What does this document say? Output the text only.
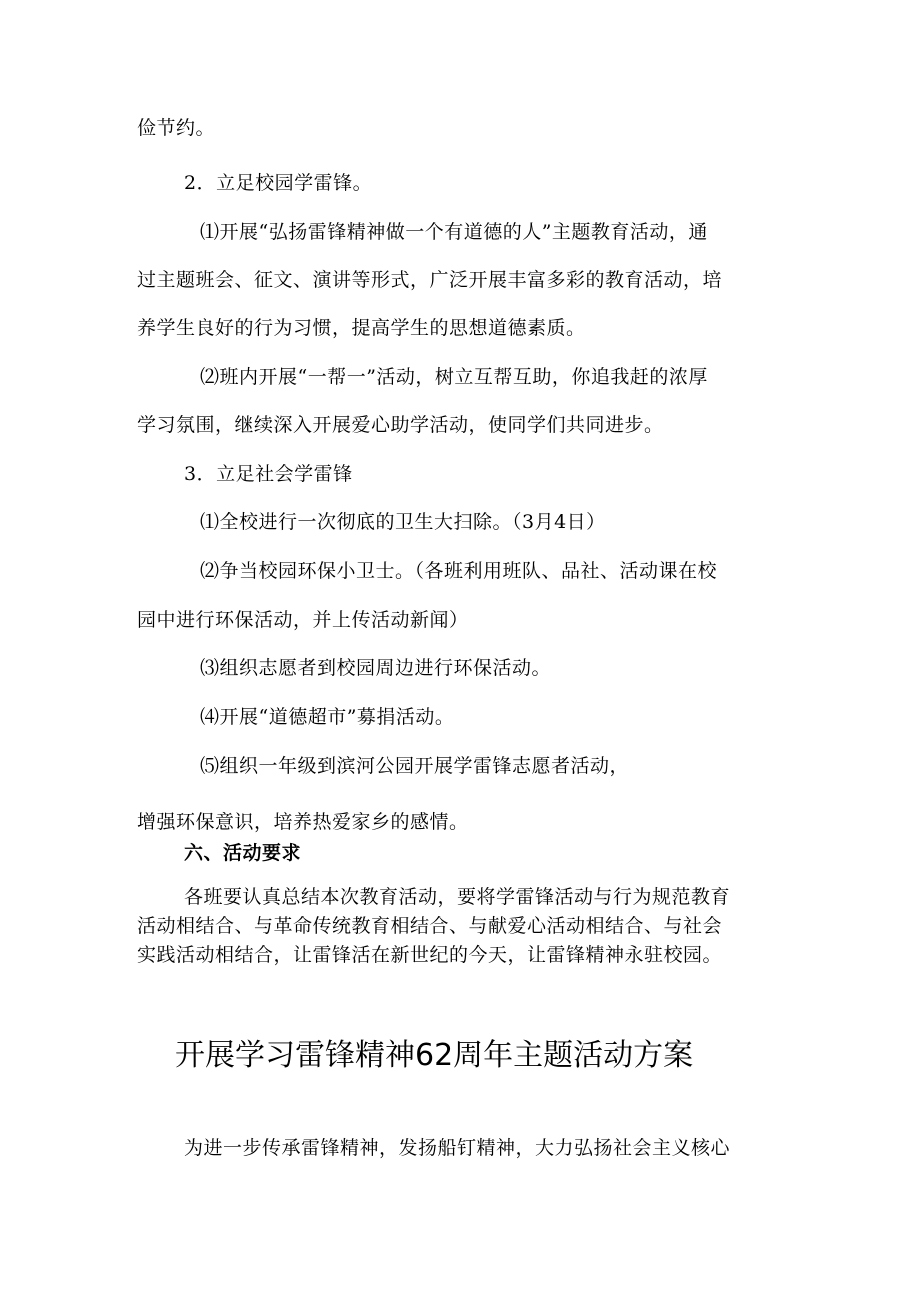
俭节约。
2．立足校园学雷锋。
⑴开展“弘扬雷锋精神做一个有道德的人”主题教育活动，通
过主题班会、征文、演讲等形式，广泛开展丰富多彩的教育活动，培
养学生良好的行为习惯，提高学生的思想道德素质。
⑵班内开展“一帮一”活动，树立互帮互助，你追我赶的浓厚
学习氛围，继续深入开展爱心助学活动，使同学们共同进步。
3．立足社会学雷锋
⑴全校进行一次彻底的卫生大扫除。（3月4日）
⑵争当校园环保小卫士。（各班利用班队、品社、活动课在校
园中进行环保活动，并上传活动新闻）
⑶组织志愿者到校园周边进行环保活动。
⑷开展“道德超市”募捐活动。
⑸组织一年级到滨河公园开展学雷锋志愿者活动，
增强环保意识，培养热爱家乡的感情。
六、活动要求
各班要认真总结本次教育活动，要将学雷锋活动与行为规范教育
活动相结合、与革命传统教育相结合、与献爱心活动相结合、与社会
实践活动相结合，让雷锋活在新世纪的今天，让雷锋精神永驻校园。
开展学习雷锋精神62周年主题活动方案
为进一步传承雷锋精神，发扬船钉精神，大力弘扬社会主义核心
